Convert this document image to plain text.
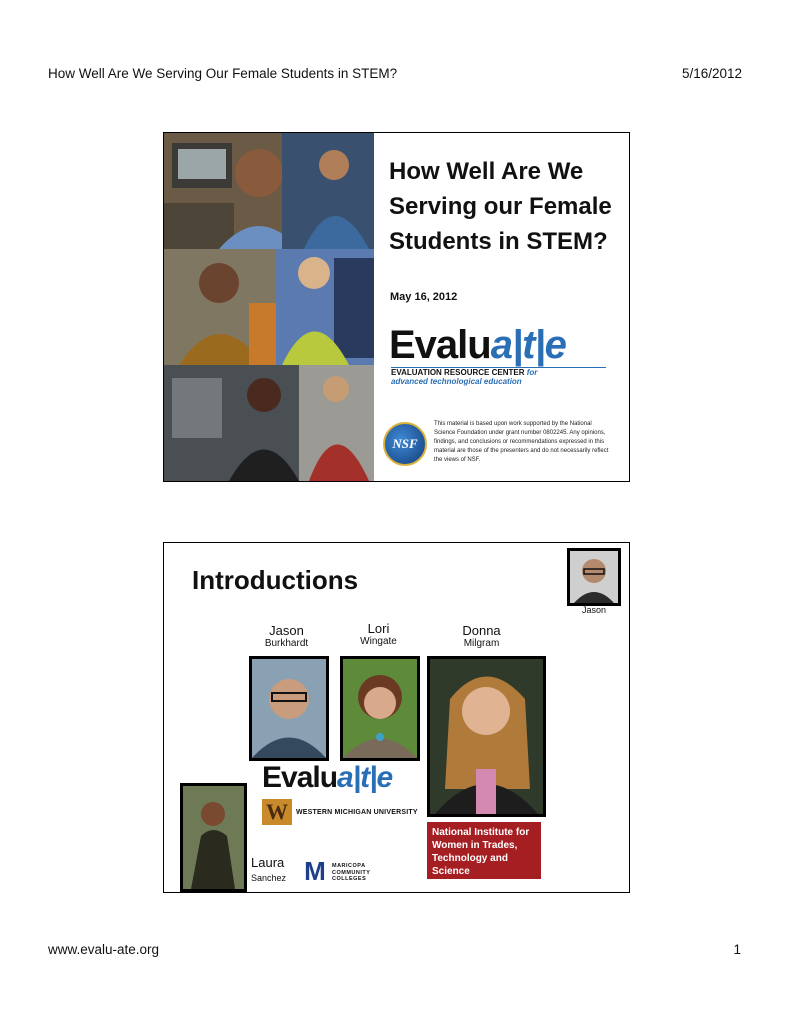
How Well Are We Serving Our Female Students in STEM?	5/16/2012
How Well Are We
Serving our Female
Students in STEM?
May 16, 2012
Evalua|t|e
EVALUATION RESOURCE CENTER for
advanced technological education
NSF
This material is based upon work supported by the National Science Foundation under grant number 0802245. Any opinions, findings, and conclusions or recommendations expressed in this material are those of the presenters and do not necessarily reflect the views of NSF.
Introductions
Jason
Jason
Burkhardt
Lori
Wingate
Donna
Milgram
Evalua|t|e
W	WESTERN MICHIGAN UNIVERSITY
Laura
Sanchez M	MARICOPA COMMUNITY COLLEGES
National Institute for Women in Trades, Technology and Science
www.evalu-ate.org	1
